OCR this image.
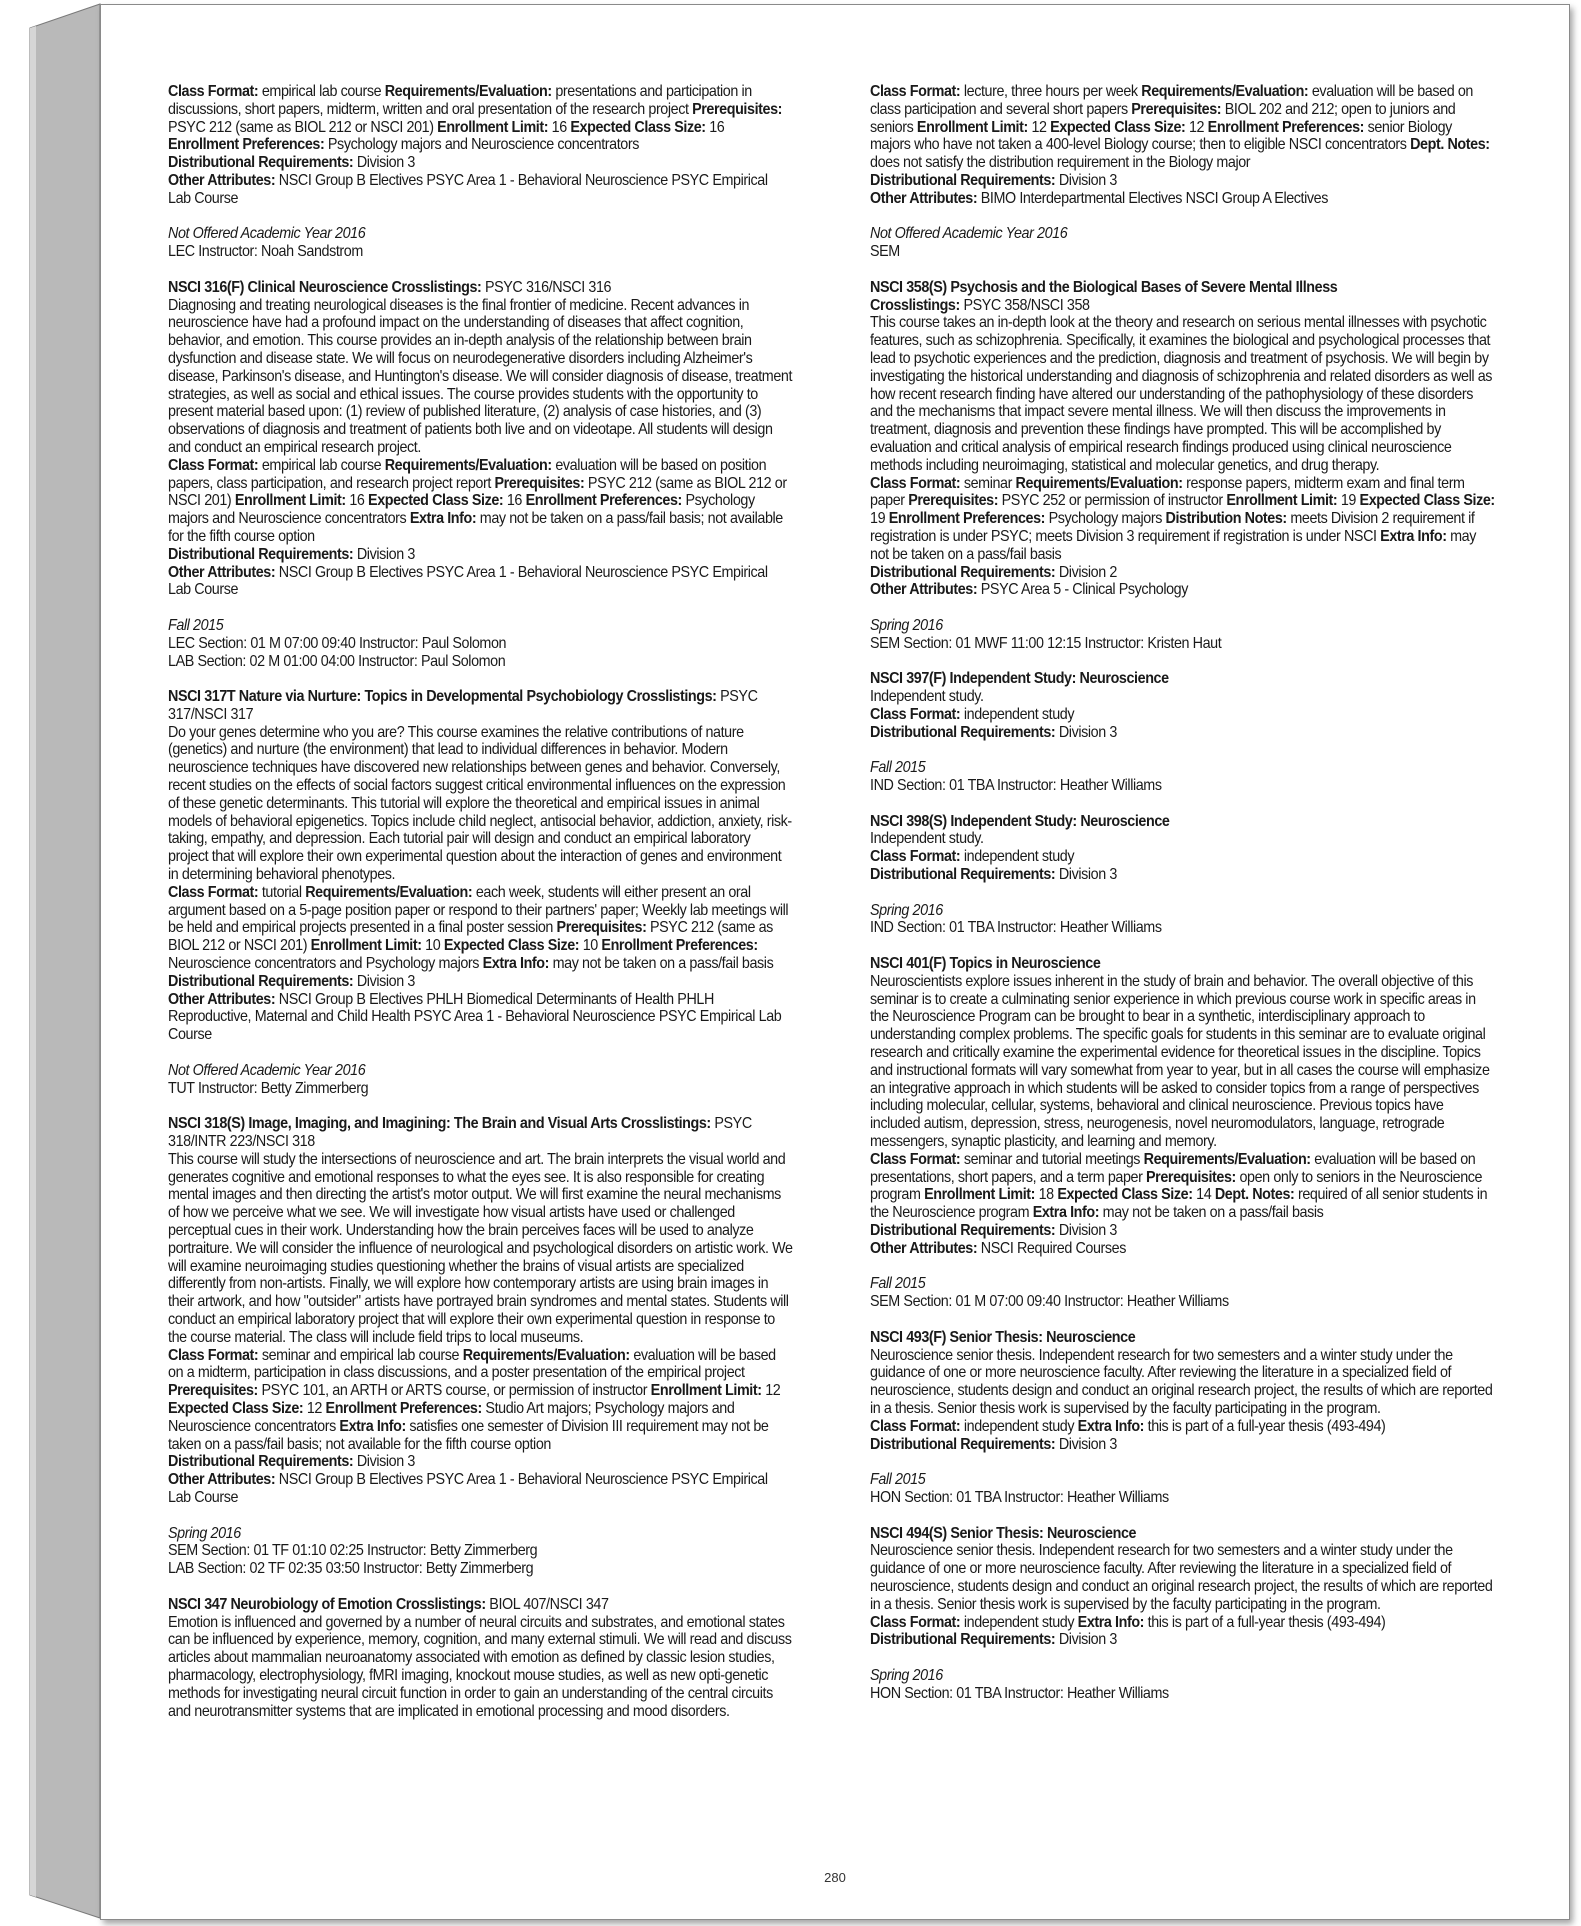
Class Format: empirical lab course Requirements/Evaluation: presentations and participation in discussions, short papers, midterm, written and oral presentation of the research project Prerequisites: PSYC 212 (same as BIOL 212 or NSCI 201) Enrollment Limit: 16 Expected Class Size: 16 Enrollment Preferences: Psychology majors and Neuroscience concentrators
Distributional Requirements: Division 3
Other Attributes: NSCI Group B Electives PSYC Area 1 - Behavioral Neuroscience PSYC Empirical Lab Course
Not Offered Academic Year 2016
LEC Instructor: Noah Sandstrom
NSCI 316(F) Clinical Neuroscience Crosslistings: PSYC 316/NSCI 316
Diagnosing and treating neurological diseases is the final frontier of medicine. Recent advances in neuroscience have had a profound impact on the understanding of diseases that affect cognition, behavior, and emotion. This course provides an in-depth analysis of the relationship between brain dysfunction and disease state. We will focus on neurodegenerative disorders including Alzheimer's disease, Parkinson's disease, and Huntington's disease. We will consider diagnosis of disease, treatment strategies, as well as social and ethical issues. The course provides students with the opportunity to present material based upon: (1) review of published literature, (2) analysis of case histories, and (3) observations of diagnosis and treatment of patients both live and on videotape. All students will design and conduct an empirical research project.
Class Format: empirical lab course Requirements/Evaluation: evaluation will be based on position papers, class participation, and research project report Prerequisites: PSYC 212 (same as BIOL 212 or NSCI 201) Enrollment Limit: 16 Expected Class Size: 16 Enrollment Preferences: Psychology majors and Neuroscience concentrators Extra Info: may not be taken on a pass/fail basis; not available for the fifth course option
Distributional Requirements: Division 3
Other Attributes: NSCI Group B Electives PSYC Area 1 - Behavioral Neuroscience PSYC Empirical Lab Course
Fall 2015
LEC Section: 01 M 07:00 09:40 Instructor: Paul Solomon
LAB Section: 02 M 01:00 04:00 Instructor: Paul Solomon
NSCI 317T Nature via Nurture: Topics in Developmental Psychobiology Crosslistings: PSYC 317/NSCI 317
Do your genes determine who you are? This course examines the relative contributions of nature (genetics) and nurture (the environment) that lead to individual differences in behavior. Modern neuroscience techniques have discovered new relationships between genes and behavior. Conversely, recent studies on the effects of social factors suggest critical environmental influences on the expression of these genetic determinants. This tutorial will explore the theoretical and empirical issues in animal models of behavioral epigenetics. Topics include child neglect, antisocial behavior, addiction, anxiety, risk-taking, empathy, and depression. Each tutorial pair will design and conduct an empirical laboratory project that will explore their own experimental question about the interaction of genes and environment in determining behavioral phenotypes.
Class Format: tutorial Requirements/Evaluation: each week, students will either present an oral argument based on a 5-page position paper or respond to their partners' paper; Weekly lab meetings will be held and empirical projects presented in a final poster session Prerequisites: PSYC 212 (same as BIOL 212 or NSCI 201) Enrollment Limit: 10 Expected Class Size: 10 Enrollment Preferences: Neuroscience concentrators and Psychology majors Extra Info: may not be taken on a pass/fail basis
Distributional Requirements: Division 3
Other Attributes: NSCI Group B Electives PHLH Biomedical Determinants of Health PHLH Reproductive, Maternal and Child Health PSYC Area 1 - Behavioral Neuroscience PSYC Empirical Lab Course
Not Offered Academic Year 2016
TUT Instructor: Betty Zimmerberg
NSCI 318(S) Image, Imaging, and Imagining: The Brain and Visual Arts Crosslistings: PSYC 318/INTR 223/NSCI 318
This course will study the intersections of neuroscience and art. The brain interprets the visual world and generates cognitive and emotional responses to what the eyes see. It is also responsible for creating mental images and then directing the artist's motor output. We will first examine the neural mechanisms of how we perceive what we see. We will investigate how visual artists have used or challenged perceptual cues in their work. Understanding how the brain perceives faces will be used to analyze portraiture. We will consider the influence of neurological and psychological disorders on artistic work. We will examine neuroimaging studies questioning whether the brains of visual artists are specialized differently from non-artists. Finally, we will explore how contemporary artists are using brain images in their artwork, and how "outsider" artists have portrayed brain syndromes and mental states. Students will conduct an empirical laboratory project that will explore their own experimental question in response to the course material. The class will include field trips to local museums.
Class Format: seminar and empirical lab course Requirements/Evaluation: evaluation will be based on a midterm, participation in class discussions, and a poster presentation of the empirical project Prerequisites: PSYC 101, an ARTH or ARTS course, or permission of instructor Enrollment Limit: 12 Expected Class Size: 12 Enrollment Preferences: Studio Art majors; Psychology majors and Neuroscience concentrators Extra Info: satisfies one semester of Division III requirement may not be taken on a pass/fail basis; not available for the fifth course option
Distributional Requirements: Division 3
Other Attributes: NSCI Group B Electives PSYC Area 1 - Behavioral Neuroscience PSYC Empirical Lab Course
Spring 2016
SEM Section: 01 TF 01:10 02:25 Instructor: Betty Zimmerberg
LAB Section: 02 TF 02:35 03:50 Instructor: Betty Zimmerberg
NSCI 347 Neurobiology of Emotion Crosslistings: BIOL 407/NSCI 347
Emotion is influenced and governed by a number of neural circuits and substrates, and emotional states can be influenced by experience, memory, cognition, and many external stimuli. We will read and discuss articles about mammalian neuroanatomy associated with emotion as defined by classic lesion studies, pharmacology, electrophysiology, fMRI imaging, knockout mouse studies, as well as new opti-genetic methods for investigating neural circuit function in order to gain an understanding of the central circuits and neurotransmitter systems that are implicated in emotional processing and mood disorders.
Class Format: lecture, three hours per week Requirements/Evaluation: evaluation will be based on class participation and several short papers Prerequisites: BIOL 202 and 212; open to juniors and seniors Enrollment Limit: 12 Expected Class Size: 12 Enrollment Preferences: senior Biology majors who have not taken a 400-level Biology course; then to eligible NSCI concentrators Dept. Notes: does not satisfy the distribution requirement in the Biology major
Distributional Requirements: Division 3
Other Attributes: BIMO Interdepartmental Electives NSCI Group A Electives
Not Offered Academic Year 2016
SEM
NSCI 358(S) Psychosis and the Biological Bases of Severe Mental Illness
Crosslistings: PSYC 358/NSCI 358
This course takes an in-depth look at the theory and research on serious mental illnesses with psychotic features, such as schizophrenia. Specifically, it examines the biological and psychological processes that lead to psychotic experiences and the prediction, diagnosis and treatment of psychosis. We will begin by investigating the historical understanding and diagnosis of schizophrenia and related disorders as well as how recent research finding have altered our understanding of the pathophysiology of these disorders and the mechanisms that impact severe mental illness. We will then discuss the improvements in treatment, diagnosis and prevention these findings have prompted. This will be accomplished by evaluation and critical analysis of empirical research findings produced using clinical neuroscience methods including neuroimaging, statistical and molecular genetics, and drug therapy.
Class Format: seminar Requirements/Evaluation: response papers, midterm exam and final term paper Prerequisites: PSYC 252 or permission of instructor Enrollment Limit: 19 Expected Class Size: 19 Enrollment Preferences: Psychology majors Distribution Notes: meets Division 2 requirement if registration is under PSYC; meets Division 3 requirement if registration is under NSCI Extra Info: may not be taken on a pass/fail basis
Distributional Requirements: Division 2
Other Attributes: PSYC Area 5 - Clinical Psychology
Spring 2016
SEM Section: 01 MWF 11:00 12:15 Instructor: Kristen Haut
NSCI 397(F) Independent Study: Neuroscience
Independent study.
Class Format: independent study
Distributional Requirements: Division 3
Fall 2015
IND Section: 01 TBA Instructor: Heather Williams
NSCI 398(S) Independent Study: Neuroscience
Independent study.
Class Format: independent study
Distributional Requirements: Division 3
Spring 2016
IND Section: 01 TBA Instructor: Heather Williams
NSCI 401(F) Topics in Neuroscience
Neuroscientists explore issues inherent in the study of brain and behavior. The overall objective of this seminar is to create a culminating senior experience in which previous course work in specific areas in the Neuroscience Program can be brought to bear in a synthetic, interdisciplinary approach to understanding complex problems. The specific goals for students in this seminar are to evaluate original research and critically examine the experimental evidence for theoretical issues in the discipline. Topics and instructional formats will vary somewhat from year to year, but in all cases the course will emphasize an integrative approach in which students will be asked to consider topics from a range of perspectives including molecular, cellular, systems, behavioral and clinical neuroscience. Previous topics have included autism, depression, stress, neurogenesis, novel neuromodulators, language, retrograde messengers, synaptic plasticity, and learning and memory.
Class Format: seminar and tutorial meetings Requirements/Evaluation: evaluation will be based on presentations, short papers, and a term paper Prerequisites: open only to seniors in the Neuroscience program Enrollment Limit: 18 Expected Class Size: 14 Dept. Notes: required of all senior students in the Neuroscience program Extra Info: may not be taken on a pass/fail basis
Distributional Requirements: Division 3
Other Attributes: NSCI Required Courses
Fall 2015
SEM Section: 01 M 07:00 09:40 Instructor: Heather Williams
NSCI 493(F) Senior Thesis: Neuroscience
Neuroscience senior thesis. Independent research for two semesters and a winter study under the guidance of one or more neuroscience faculty. After reviewing the literature in a specialized field of neuroscience, students design and conduct an original research project, the results of which are reported in a thesis. Senior thesis work is supervised by the faculty participating in the program.
Class Format: independent study Extra Info: this is part of a full-year thesis (493-494)
Distributional Requirements: Division 3
Fall 2015
HON Section: 01 TBA Instructor: Heather Williams
NSCI 494(S) Senior Thesis: Neuroscience
Neuroscience senior thesis. Independent research for two semesters and a winter study under the guidance of one or more neuroscience faculty. After reviewing the literature in a specialized field of neuroscience, students design and conduct an original research project, the results of which are reported in a thesis. Senior thesis work is supervised by the faculty participating in the program.
Class Format: independent study Extra Info: this is part of a full-year thesis (493-494)
Distributional Requirements: Division 3
Spring 2016
HON Section: 01 TBA Instructor: Heather Williams
280
